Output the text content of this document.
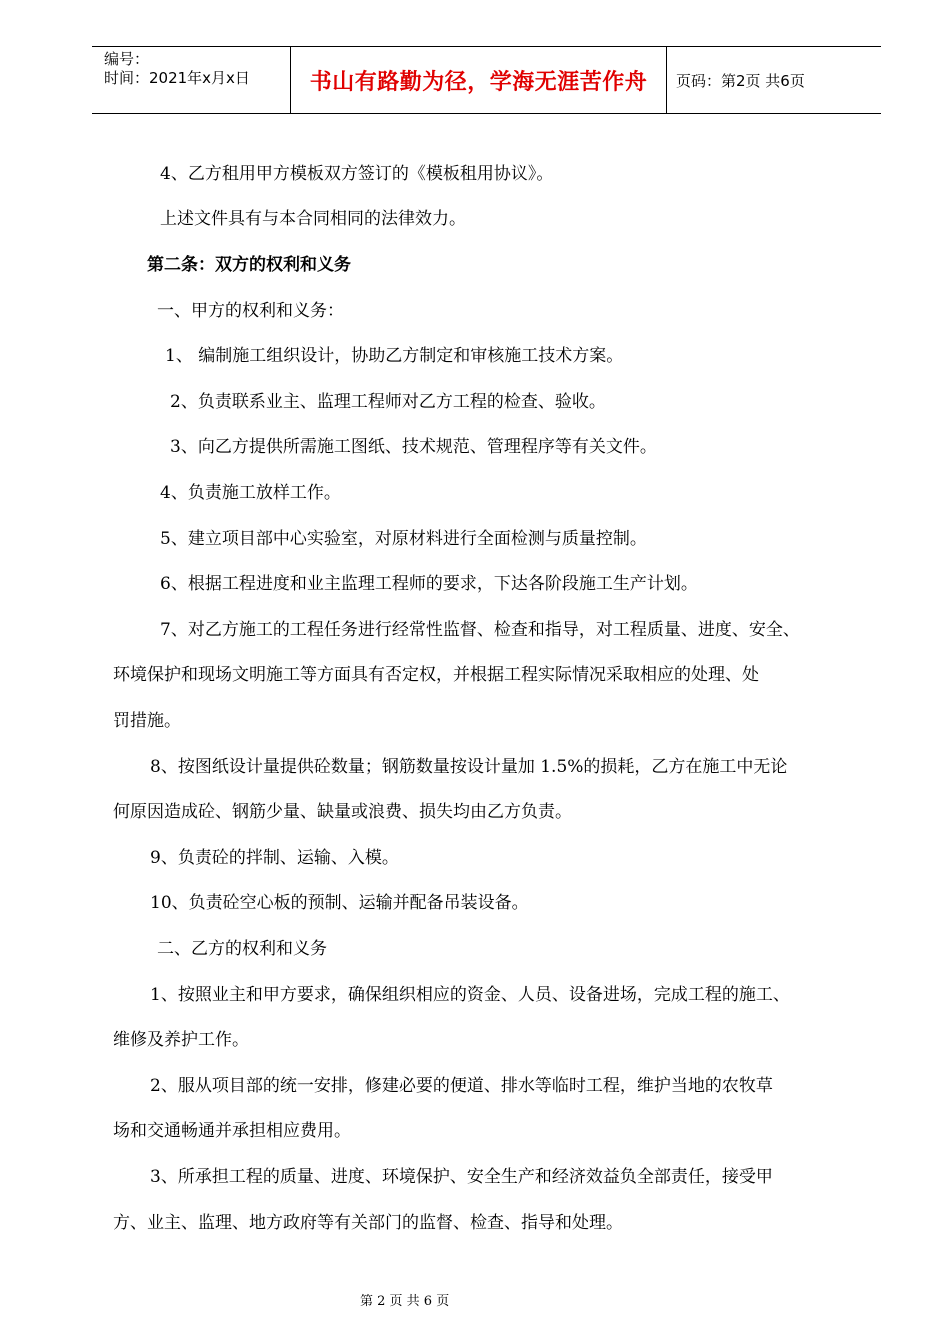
编号：
时间：2021年x月x日	书山有路勤为径，学海无涯苦作舟	页码：第2页 共6页
4、乙方租用甲方模板双方签订的《模板租用协议》。
上述文件具有与本合同相同的法律效力。
第二条：双方的权利和义务
一、甲方的权利和义务：
1、 编制施工组织设计，协助乙方制定和审核施工技术方案。
2、负责联系业主、监理工程师对乙方工程的检查、验收。
3、向乙方提供所需施工图纸、技术规范、管理程序等有关文件。
4、负责施工放样工作。
5、建立项目部中心实验室，对原材料进行全面检测与质量控制。
6、根据工程进度和业主监理工程师的要求，下达各阶段施工生产计划。
7、对乙方施工的工程任务进行经常性监督、检查和指导，对工程质量、进度、安全、
环境保护和现场文明施工等方面具有否定权，并根据工程实际情况采取相应的处理、处
罚措施。
8、按图纸设计量提供砼数量；钢筋数量按设计量加 1.5%的损耗，乙方在施工中无论
何原因造成砼、钢筋少量、缺量或浪费、损失均由乙方负责。
9、负责砼的拌制、运输、入模。
10、负责砼空心板的预制、运输并配备吊装设备。
二、乙方的权利和义务
1、按照业主和甲方要求，确保组织相应的资金、人员、设备进场，完成工程的施工、
维修及养护工作。
2、服从项目部的统一安排，修建必要的便道、排水等临时工程，维护当地的农牧草
场和交通畅通并承担相应费用。
3、所承担工程的质量、进度、环境保护、安全生产和经济效益负全部责任，接受甲
方、业主、监理、地方政府等有关部门的监督、检查、指导和处理。
第 2 页 共 6 页
